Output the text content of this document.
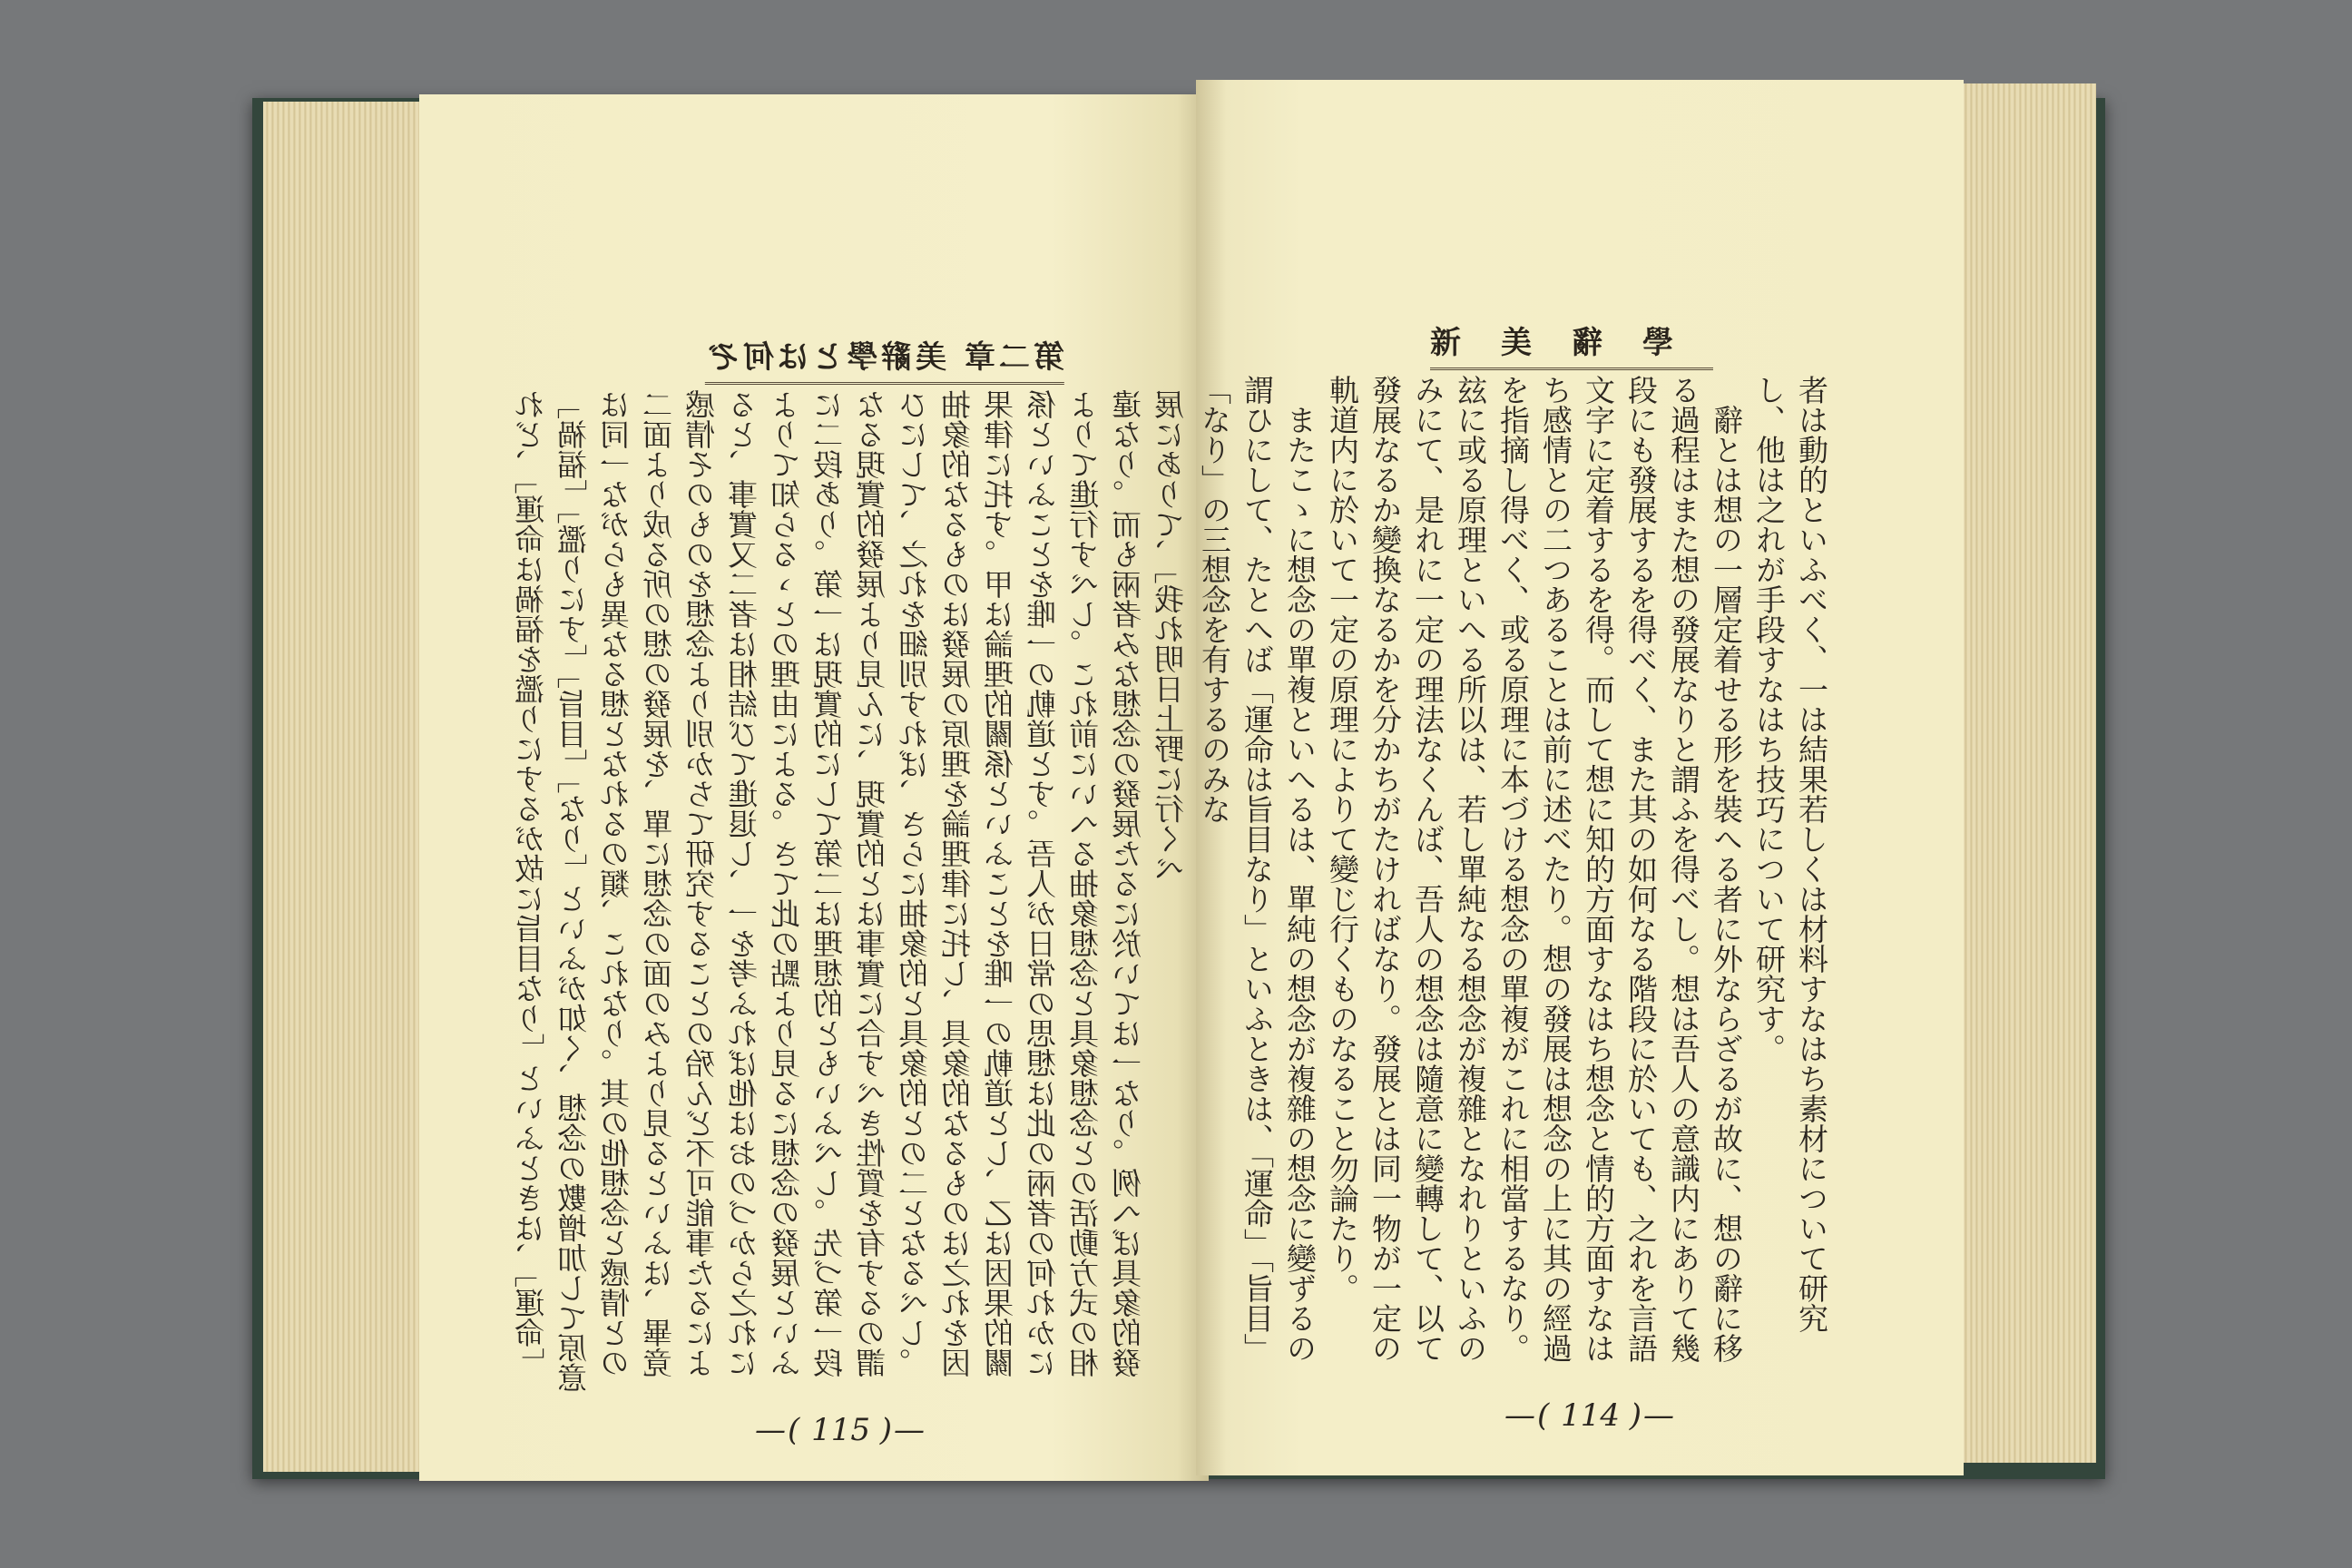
第二章 美辭學とは何ぞ

れど、「運命は禍福を濫りにするが故に旨目なり」といふときは、「運命」「禍福」「濫りにす」「旨目」「なり」といふが如く、想念の數增加して原意は同一ながらも異なる想となれるの類、これなり。其の他想念と感情との二面より成る所の想の發展を、單に想念の面のみより見るといふは、畢竟感情そのものを想念より別かちて研究することの殆んど不可能事たるによると、事實又二者は相結びて進退し、一を考ふれば他はおのづから之れによりて知らるゝとの理由による。さて此の點より見るに想念の發展といふに二段あり。第一は現實的にして第二は理想的ともいふべし。先づ第一段なる現實的發展より見んに、現實的とは事實に合すべき性質を有するの謂ひにして、之れを細別すれば、さらに抽象的と具象的との二となるべし。抽象的なるものは發展の原理を論理律に托し、具象的なるものは之れを因果律に托す。甲は論理的關係といふことを唯一の軌道とし、乙は因果的關係といふことを唯一の軌道とす。吾人が日常の思想は此の兩者の何れかによりて進行すべし。これ前にいへる抽象想念と具象想念との活動方式の相違なり。而も兩者みな想念の發展たるに於いては一なり。例へば具象的發展にありて、「我れ明日上野に行くべ

—( 115 )—
新美辭學

者は動的といふべく、一は結果若しくは材料すなはち素材について研究し、他は之れが手段すなはち技巧について研究す。

辭とは想の一層定着せる形を裝へる者に外ならざるが故に、想の辭に移る過程はまた想の發展なりと謂ふを得べし。想は吾人の意識内にありて幾段にも發展するを得べく、また其の如何なる階段に於いても、之れを言語文字に定着するを得。而して想に知的方面すなはち想念と情的方面すなはち感情との二つあることは前に述べたり。想の發展は想念の上に其の經過を指摘し得べく、或る原理に本づける想念の單複がこれに相當するなり。玆に或る原理といへる所以は、若し單純なる想念が複雜となれりといふのみにて、是れに一定の理法なくんば、吾人の想念は隨意に變轉して、以て發展なるか變換なるかを分かちがたければなり。發展とは同一物が一定の軌道内に於いて一定の原理によりて變じ行くものなること勿論たり。

またこゝに想念の單複といへるは、單純の想念が複雜の想念に變ずるの謂ひにして、たとへば「運命は旨目なり」といふときは、「運命」「旨目」「なり」の三想念を有するのみな

—( 114 )—
